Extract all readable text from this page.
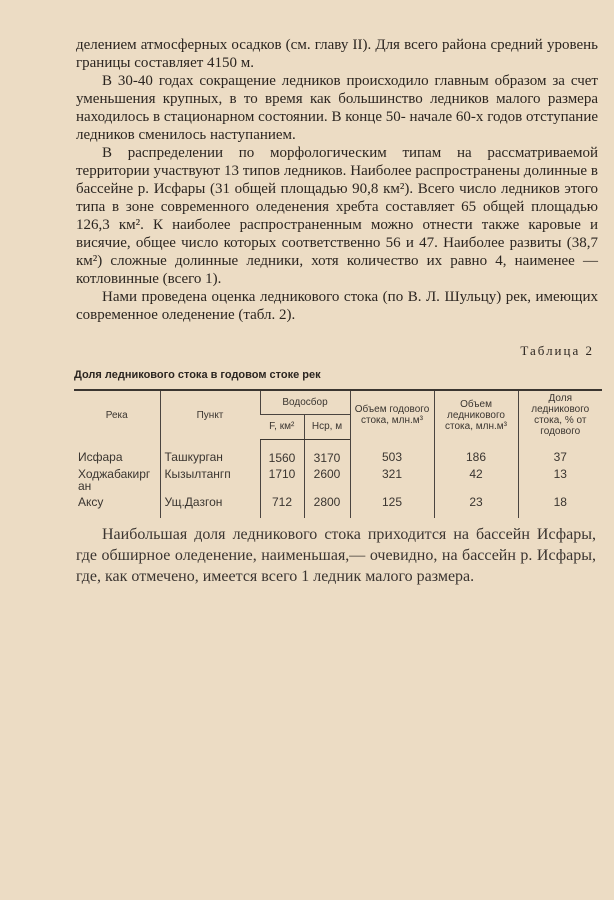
делением атмосферных осадков (см. главу II). Для всего района средний уровень границы составляет 4150 м.

В 30-40 годах сокращение ледников происходило главным образом за счет уменьшения крупных, в то время как большинство ледников малого размера находилось в стационарном состоянии. В конце 50- начале 60-х годов отступание ледников сменилось наступанием.

В распределении по морфологическим типам на рассматриваемой территории участвуют 13 типов ледников. Наиболее распространены долинные в бассейне р. Исфары (31 общей площадью 90,8 км²). Всего число ледников этого типа в зоне современного оледенения хребта составляет 65 общей площадью 126,3 км². К наиболее распространенным можно отнести также каровые и висячие, общее число которых соответственно 56 и 47. Наиболее развиты (38,7 км²) сложные долинные ледники, хотя количество их равно 4, наименее — котловинные (всего 1).

Нами проведена оценка ледникового стока (по В. Л. Шульцу) рек, имеющих современное оледенение (табл. 2).

Таблица 2
Доля ледникового стока в годовом стоке рек
Река	Пункт	Водосбор		Объем годового стока, млн.м³	Объем ледникового стока, млн.м³	Доля ледникового стока, % от годового
		F, км²	Hср, м			
Исфара	Ташкурган	1560	3170	503	186	37
Ходжабакирган	Кызылтангп	1710	2600	321	42	13
Аксу	Ущ.Дазгон	712	2800	125	23	18

Наибольшая доля ледникового стока приходится на бассейн Исфары, где обширное оледенение, наименьшая,— очевидно, на бассейн р. Исфары, где, как отмечено, имеется всего 1 ледник малого размера.
